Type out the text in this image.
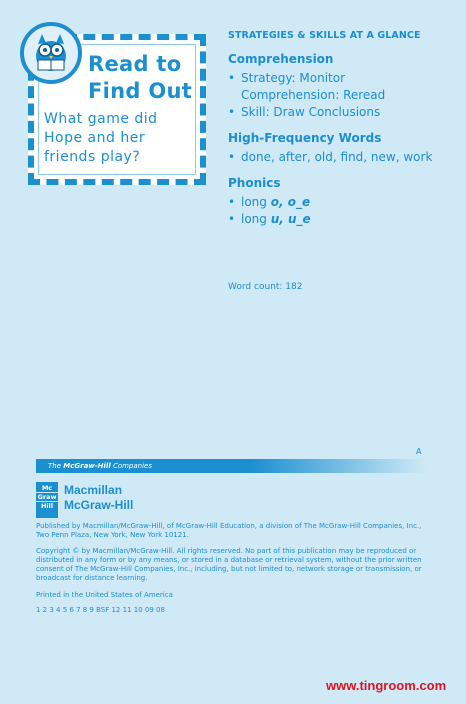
Read to
Find Out
What game did Hope and her friends play?
STRATEGIES & SKILLS AT A GLANCE
Comprehension
• Strategy: Monitor Comprehension: Reread
• Skill: Draw Conclusions
High-Frequency Words
• done, after, old, find, new, work
Phonics
• long o, o_e
• long u, u_e
Word count: 182
A
The McGraw-Hill Companies
Mc
Graw
Hill
Macmillan
McGraw-Hill
Published by Macmillan/McGraw-Hill, of McGraw-Hill Education, a division of The McGraw-Hill Companies, Inc., Two Penn Plaza, New York, New York 10121.
Copyright © by Macmillan/McGraw-Hill. All rights reserved. No part of this publication may be reproduced or distributed in any form or by any means, or stored in a database or retrieval system, without the prior written consent of The McGraw-Hill Companies, Inc., including, but not limited to, network storage or transmission, or broadcast for distance learning.
Printed in the United States of America
1 2 3 4 5 6 7 8 9 BSF 12 11 10 09 08
www.tingroom.com
